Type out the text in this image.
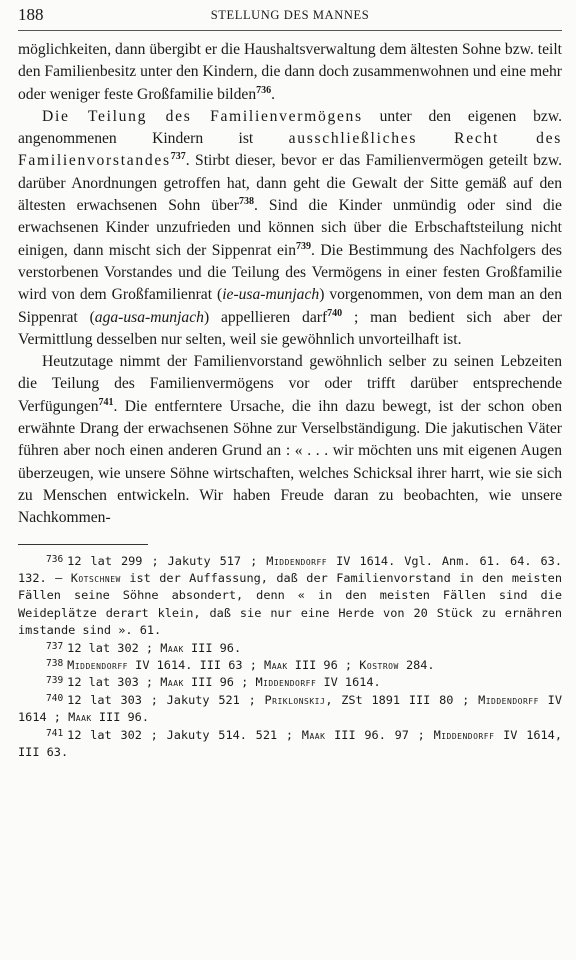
188	STELLUNG DES MANNES

möglichkeiten, dann übergibt er die Haushaltsverwaltung dem ältesten Sohne bzw. teilt den Familienbesitz unter den Kindern, die dann doch zusammenwohnen und eine mehr oder weniger feste Großfamilie bilden$^{736}$.

Die Teilung des Familienvermögens unter den eigenen bzw. angenommenen Kindern ist ausschließliches Recht des Familienvorstandes$^{737}$. Stirbt dieser, bevor er das Familienvermögen geteilt bzw. darüber Anordnungen getroffen hat, dann geht die Gewalt der Sitte gemäß auf den ältesten erwachsenen Sohn über$^{738}$. Sind die Kinder unmündig oder sind die erwachsenen Kinder unzufrieden und können sich über die Erbschaftsteilung nicht einigen, dann mischt sich der Sippenrat ein$^{739}$. Die Bestimmung des Nachfolgers des verstorbenen Vorstandes und die Teilung des Vermögens in einer festen Großfamilie wird von dem Großfamilienrat (ie-usa-munjach) vorgenommen, von dem man an den Sippenrat (aga-usa-munjach) appellieren darf$^{740}$ ; man bedient sich aber der Vermittlung desselben nur selten, weil sie gewöhnlich unvorteilhaft ist.

Heutzutage nimmt der Familienvorstand gewöhnlich selber zu seinen Lebzeiten die Teilung des Familienvermögens vor oder trifft darüber entsprechende Verfügungen$^{741}$. Die entferntere Ursache, die ihn dazu bewegt, ist der schon oben erwähnte Drang der erwachsenen Söhne zur Verselbständigung. Die jakutischen Väter führen aber noch einen anderen Grund an : « . . . wir möchten uns mit eigenen Augen überzeugen, wie unsere Söhne wirtschaften, welches Schicksal ihrer harrt, wie sie sich zu Menschen entwickeln. Wir haben Freude daran zu beobachten, wie unsere Nachkommen-

736 12 lat 299 ; Jakuty 517 ; Middendorff IV 1614. Vgl. Anm. 61. 64. 63. 132. — Kotschnew ist der Auffassung, daß der Familienvorstand in den meisten Fällen seine Söhne absondert, denn « in den meisten Fällen sind die Weideplätze derart klein, daß sie nur eine Herde von 20 Stück zu ernähren imstande sind ». 61.
737 12 lat 302 ; Maak III 96.
738 Middendorff IV 1614. III 63 ; Maak III 96 ; Kostrow 284.
739 12 lat 303 ; Maak III 96 ; Middendorff IV 1614.
740 12 lat 303 ; Jakuty 521 ; Priklonskij, ZSt 1891 III 80 ; Middendorff IV 1614 ; Maak III 96.
741 12 lat 302 ; Jakuty 514. 521 ; Maak III 96. 97 ; Middendorff IV 1614, III 63.
